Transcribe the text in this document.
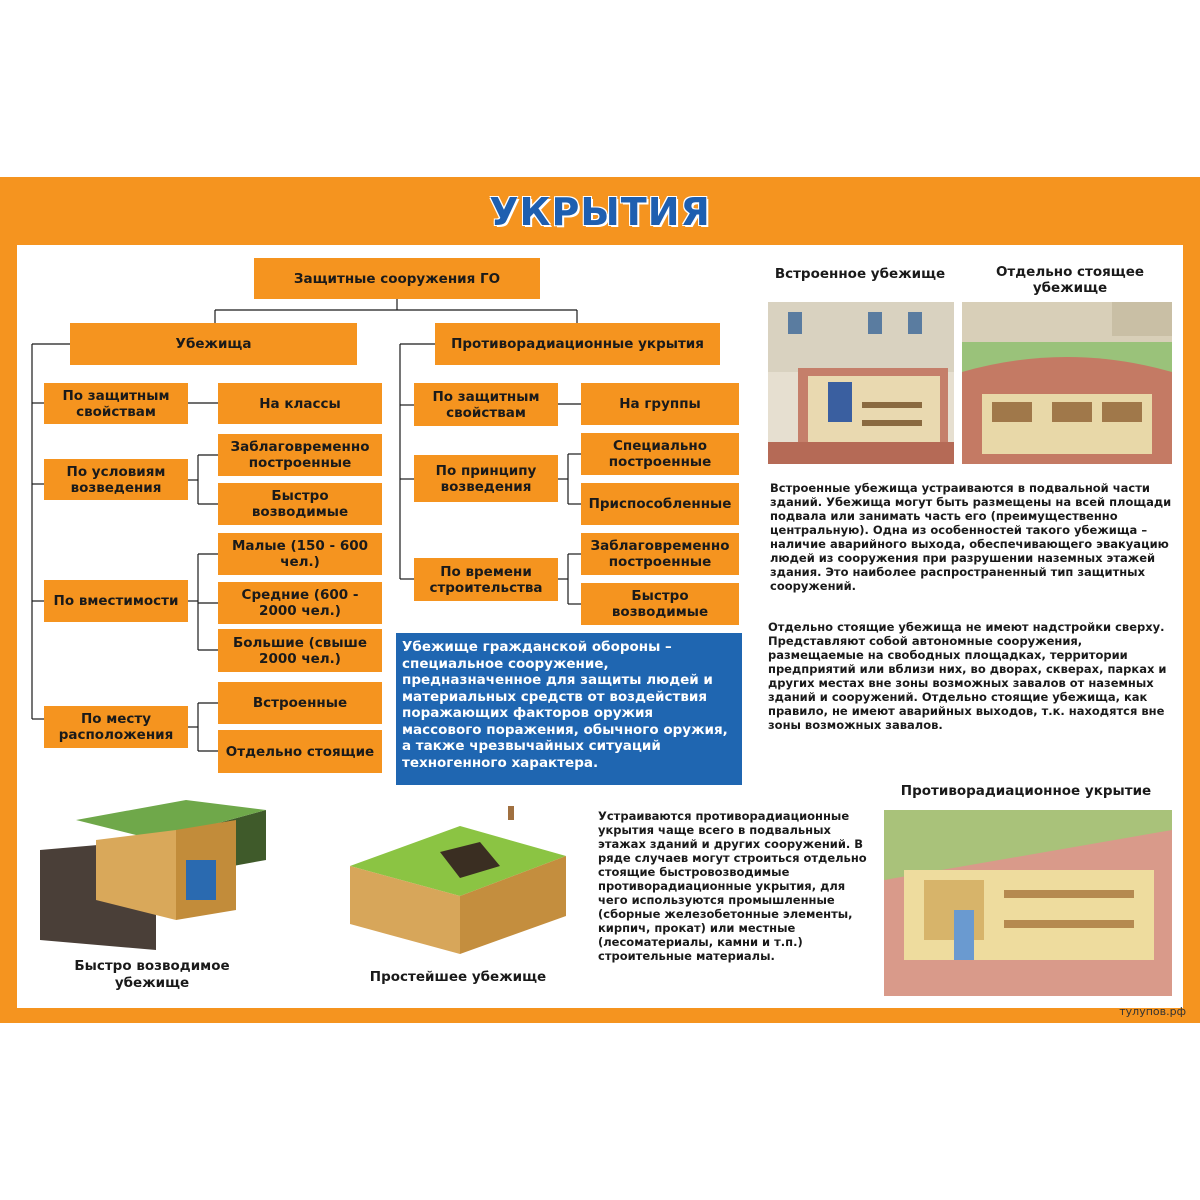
УКРЫТИЯ
Защитные сооружения ГО
Убежища	Противорадиационные укрытия
По защитным свойствам
По условиям возведения
По вместимости
По месту расположения
На классы
Заблаговременно построенные
Быстро возводимые
Малые (150 - 600 чел.)
Средние (600 - 2000 чел.)
Большие (свыше 2000 чел.)
Встроенные
Отдельно стоящие
По защитным свойствам
По принципу возведения
По времени строительства
На группы
Специально построенные
Приспособленные
Заблаговременно построенные
Быстро возводимые
Убежище гражданской обороны – специальное сооружение, предназначенное для защиты людей и материальных средств от воздействия поражающих факторов оружия массового поражения, обычного оружия, а также чрезвычайных ситуаций техногенного характера.
Встроенное убежище	Отдельно стоящее убежище
Встроенные убежища устраиваются в подвальной части зданий. Убежища могут быть размещены на всей площади подвала или занимать часть его (преимущественно центральную). Одна из особенностей такого убежища – наличие аварийного выхода, обеспечивающего эвакуацию людей из сооружения при разрушении наземных этажей здания. Это наиболее распространенный тип защитных сооружений.
Отдельно стоящие убежища не имеют надстройки сверху. Представляют собой автономные сооружения, размещаемые на свободных площадках, территории предприятий или вблизи них, во дворах, скверах, парках и других местах вне зоны возможных завалов от наземных зданий и сооружений. Отдельно стоящие убежища, как правило, не имеют аварийных выходов, т.к. находятся вне зоны возможных завалов.
Противорадиационное укрытие
Устраиваются противорадиационные укрытия чаще всего в подвальных этажах зданий и других сооружений. В ряде случаев могут строиться отдельно стоящие быстровозводимые противорадиационные укрытия, для чего используются промышленные (сборные железобетонные элементы, кирпич, прокат) или местные (лесоматериалы, камни и т.п.) строительные материалы.
Быстро возводимое убежище	Простейшее убежище
тулупов.рф
